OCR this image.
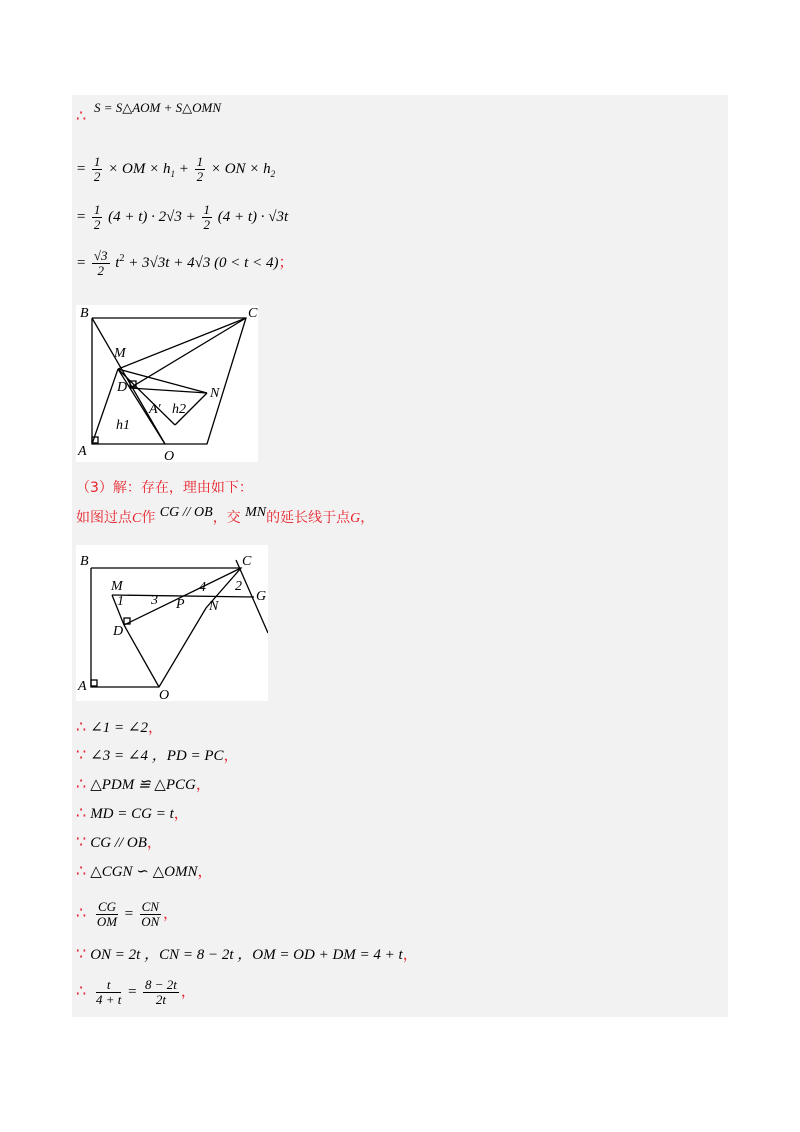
∴ S = S△AOM + S△OMN
= $\frac{1}{2}$ × OM × $h_1 + \frac{1}{2}$ × ON × $h_2$
= $\frac{1}{2} (4 + t) \cdot 2√3 + \frac{1}{2} (4 + t) \cdot √3t$
= $\frac{√3}{2} t^2 + 3√3t + 4√3$ (0 < t < 4)；
B	C
M
D	N
A′ h2
h1
A	O
（3）解：存在，理由如下：
如图过点C作 CG // OB，交 MN的延长线于点G，
B	C
M
1 3 P
4 2
G
D
N
A
O
∴ ∠1 = ∠2，
∵ ∠3 = ∠4 ，PD = PC，
∴ △PDM ≌ △PCG，
∴ MD = CG = t，
∵ CG // OB，
∴ △CGN ∽ △OMN，
∴ $\frac{CG}{OM} = \frac{CN}{ON}$ ，
∵ ON = 2t ，CN = 8 − 2t ，OM = OD + DM = 4 + t，
∴ $\frac{t}{4 + t} = \frac{8 - 2t}{2t}$ ，
